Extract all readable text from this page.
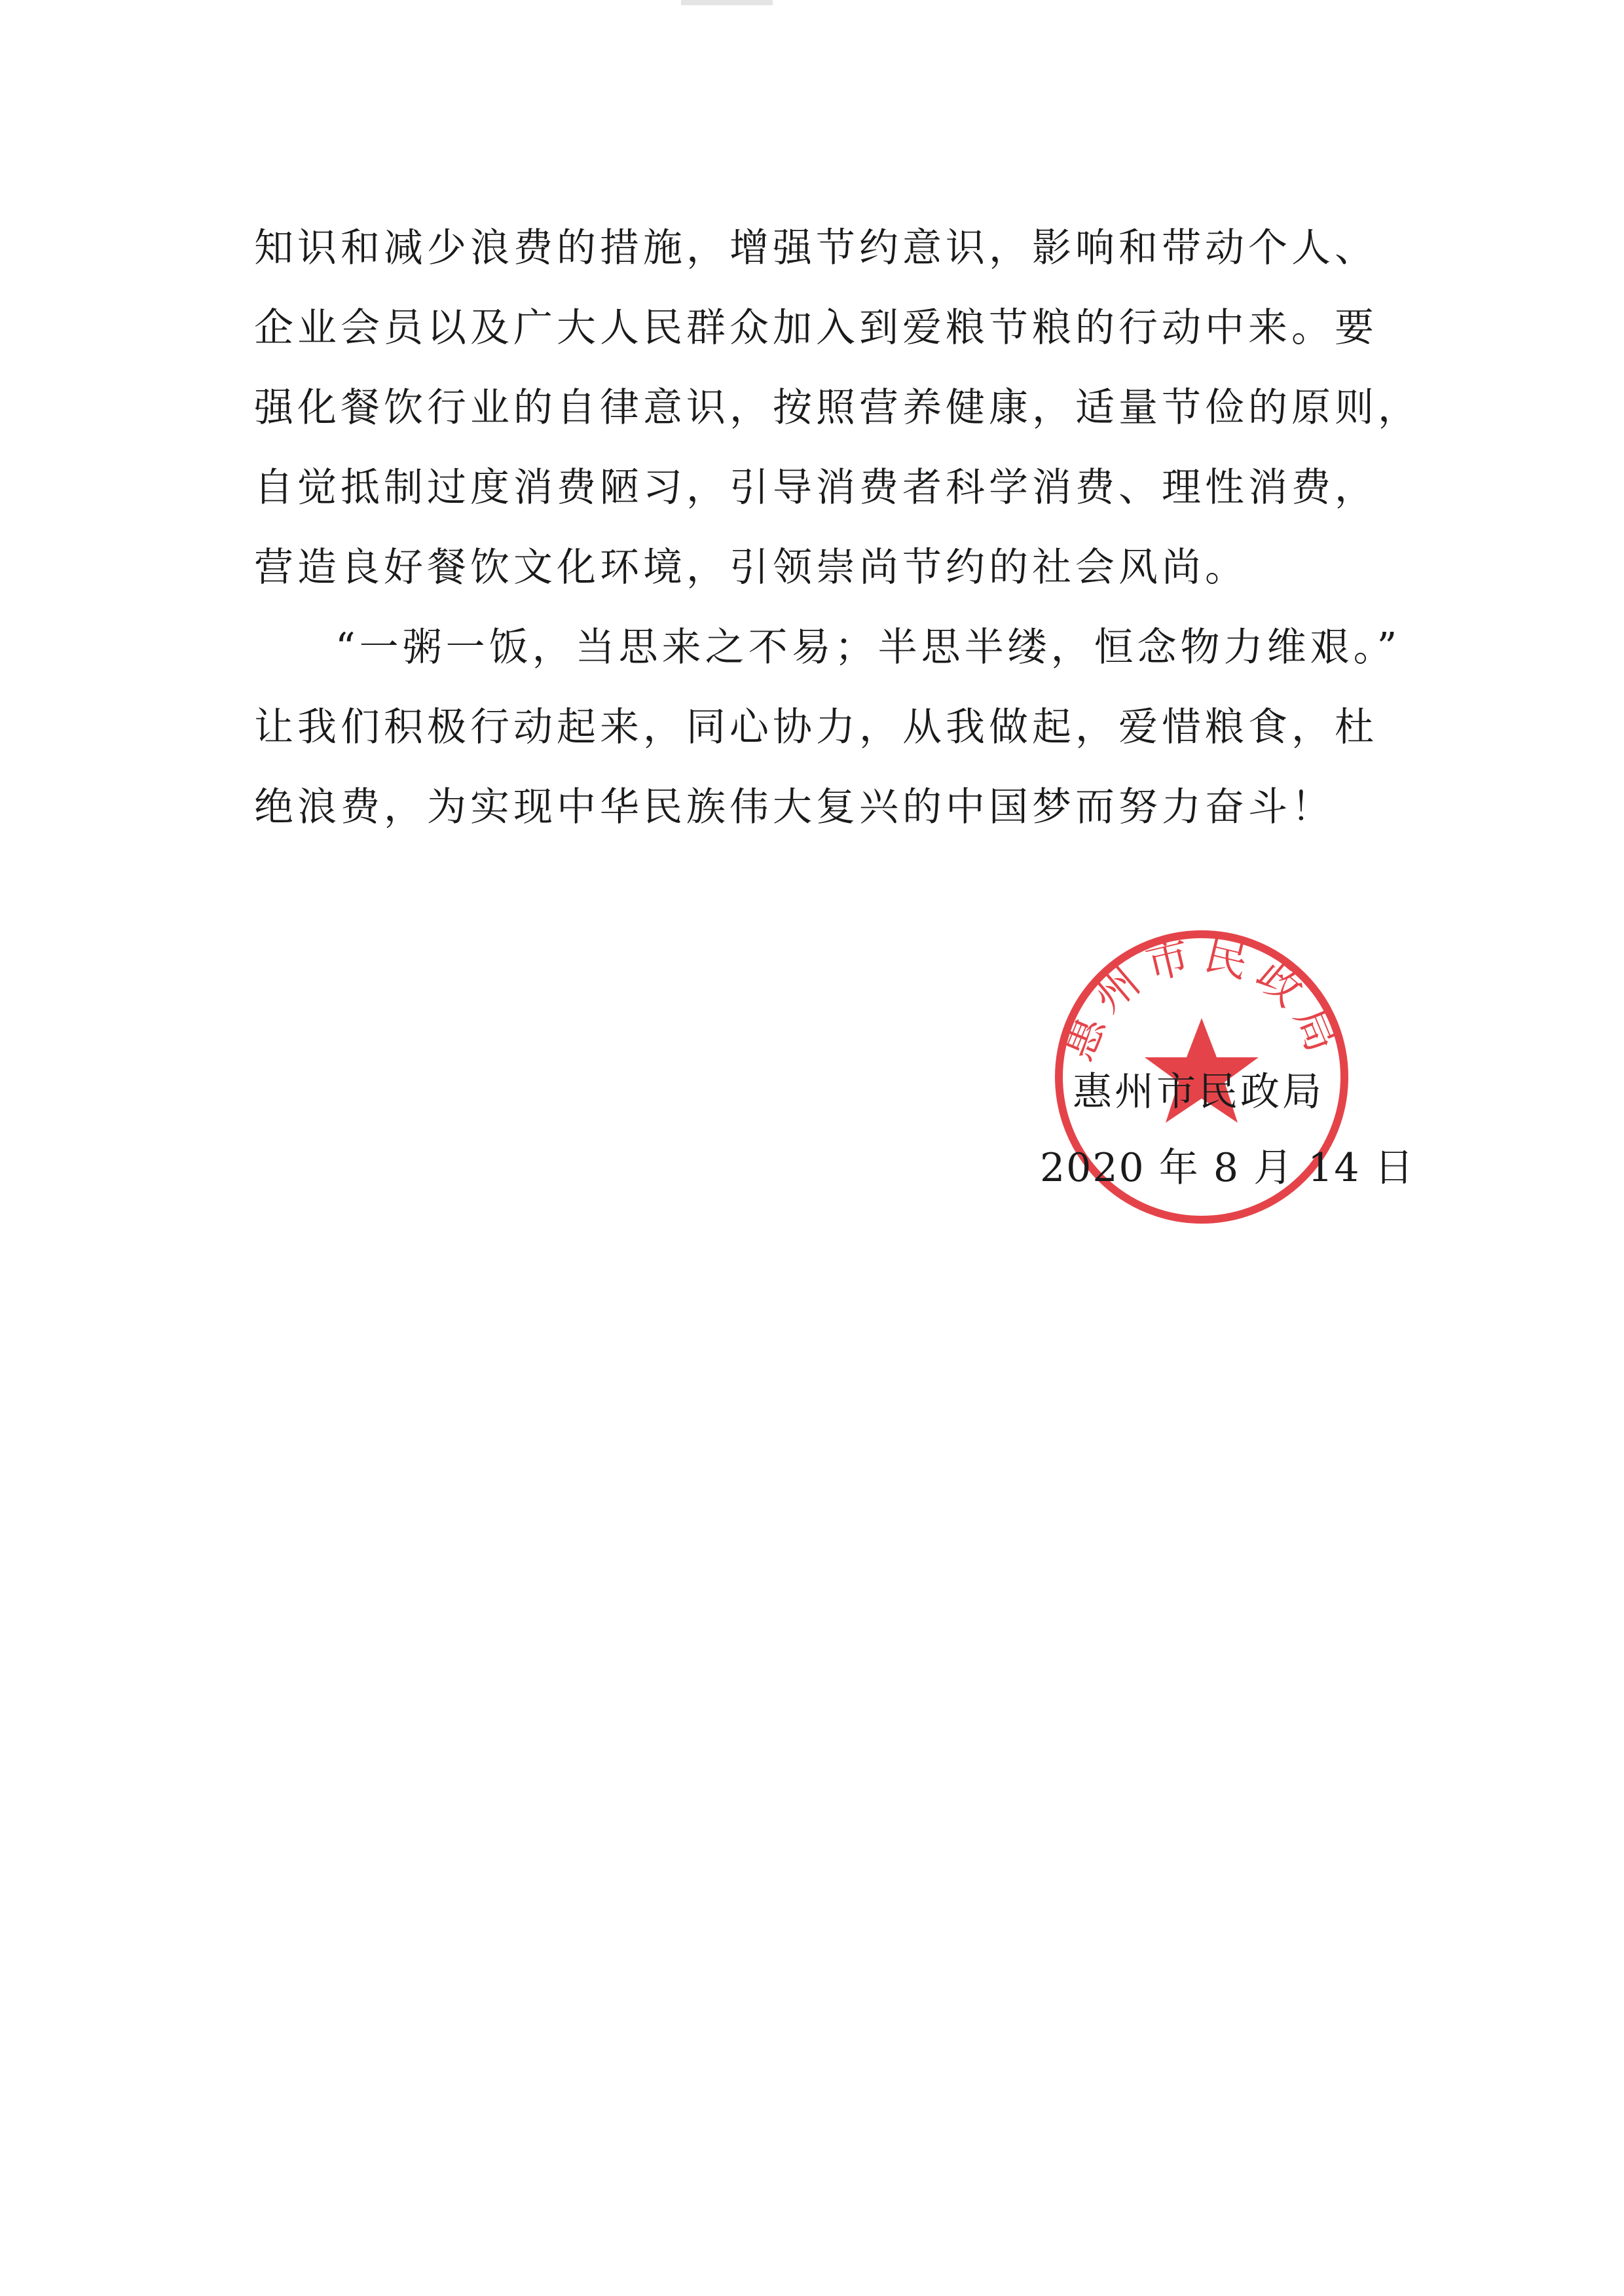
知识和减少浪费的措施，增强节约意识，影响和带动个人、
企业会员以及广大人民群众加入到爱粮节粮的行动中来。要
强化餐饮行业的自律意识，按照营养健康，适量节俭的原则，
自觉抵制过度消费陋习，引导消费者科学消费、理性消费，
营造良好餐饮文化环境，引领崇尚节约的社会风尚。

“一粥一饭，当思来之不易；半思半缕，恒念物力维艰。”
让我们积极行动起来，同心协力，从我做起，爱惜粮食，杜
绝浪费，为实现中华民族伟大复兴的中国梦而努力奋斗！

惠州市民政局
惠州市民政局
2020 年 8 月 14 日
